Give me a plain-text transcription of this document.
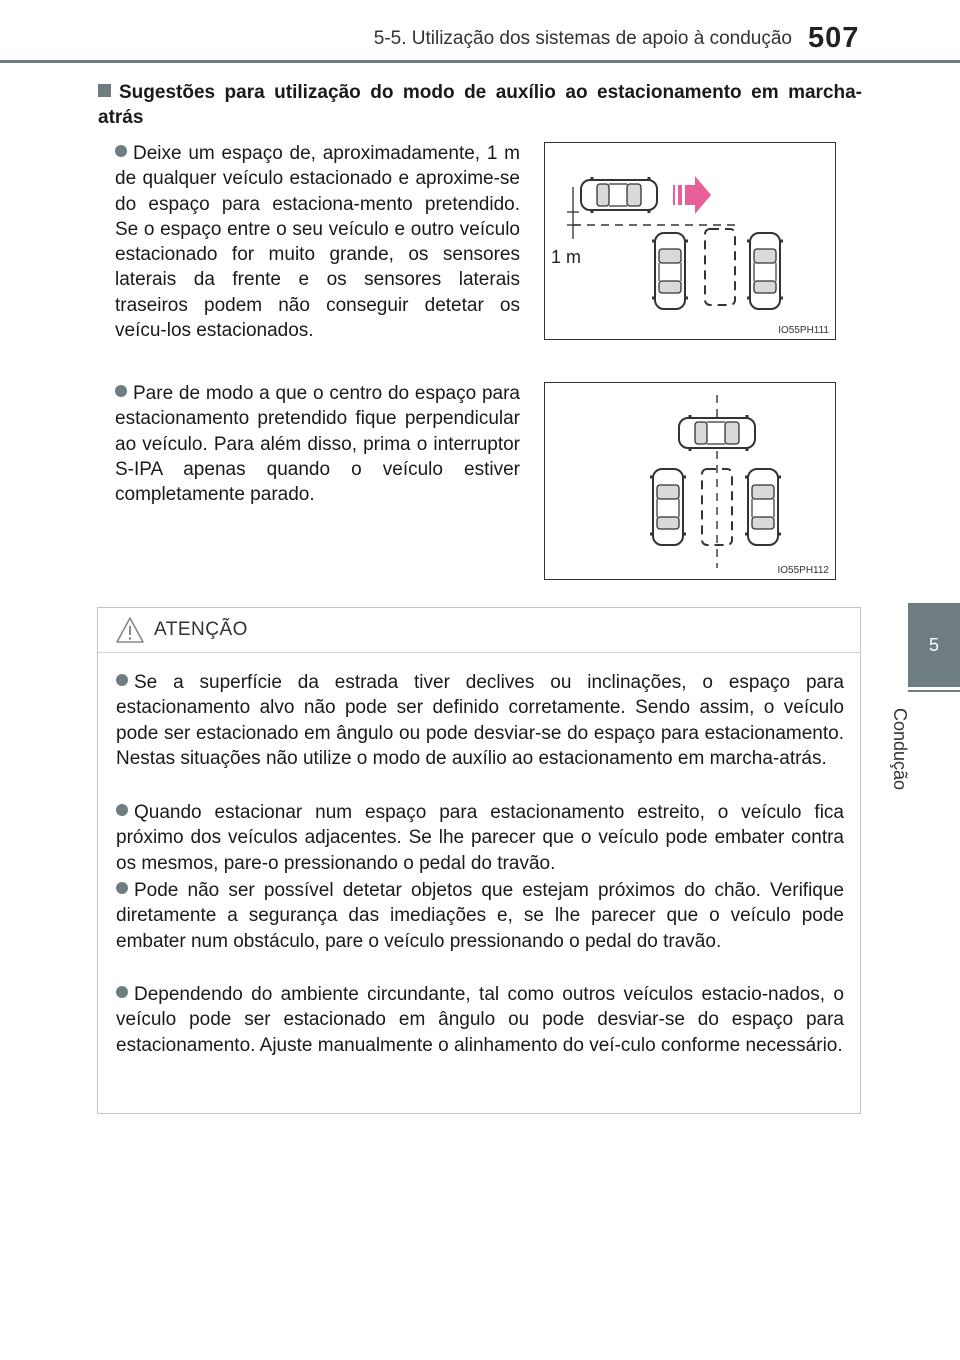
5-5. Utilização dos sistemas de apoio à condução 507
5
Condução
Sugestões para utilização do modo de auxílio ao estacionamento em marcha-atrás
Deixe um espaço de, aproximadamente, 1 m de qualquer veículo estacionado e aproxime-se do espaço para estaciona-mento pretendido. Se o espaço entre o seu veículo e outro veículo estacionado for muito grande, os sensores laterais da frente e os sensores laterais traseiros podem não conseguir detetar os veícu-los estacionados.
1 m
IO55PH111
Pare de modo a que o centro do espaço para estacionamento pretendido fique perpendicular ao veículo. Para além disso, prima o interruptor S-IPA apenas quando o veículo estiver completamente parado.
IO55PH112
ATENÇÃO
Se a superfície da estrada tiver declives ou inclinações, o espaço para estacionamento alvo não pode ser definido corretamente. Sendo assim, o veículo pode ser estacionado em ângulo ou pode desviar-se do espaço para estacionamento. Nestas situações não utilize o modo de auxílio ao estacionamento em marcha-atrás.
Quando estacionar num espaço para estacionamento estreito, o veículo fica próximo dos veículos adjacentes. Se lhe parecer que o veículo pode embater contra os mesmos, pare-o pressionando o pedal do travão.
Pode não ser possível detetar objetos que estejam próximos do chão. Verifique diretamente a segurança das imediações e, se lhe parecer que o veículo pode embater num obstáculo, pare o veículo pressionando o pedal do travão.
Dependendo do ambiente circundante, tal como outros veículos estacio-nados, o veículo pode ser estacionado em ângulo ou pode desviar-se do espaço para estacionamento. Ajuste manualmente o alinhamento do veí-culo conforme necessário.
